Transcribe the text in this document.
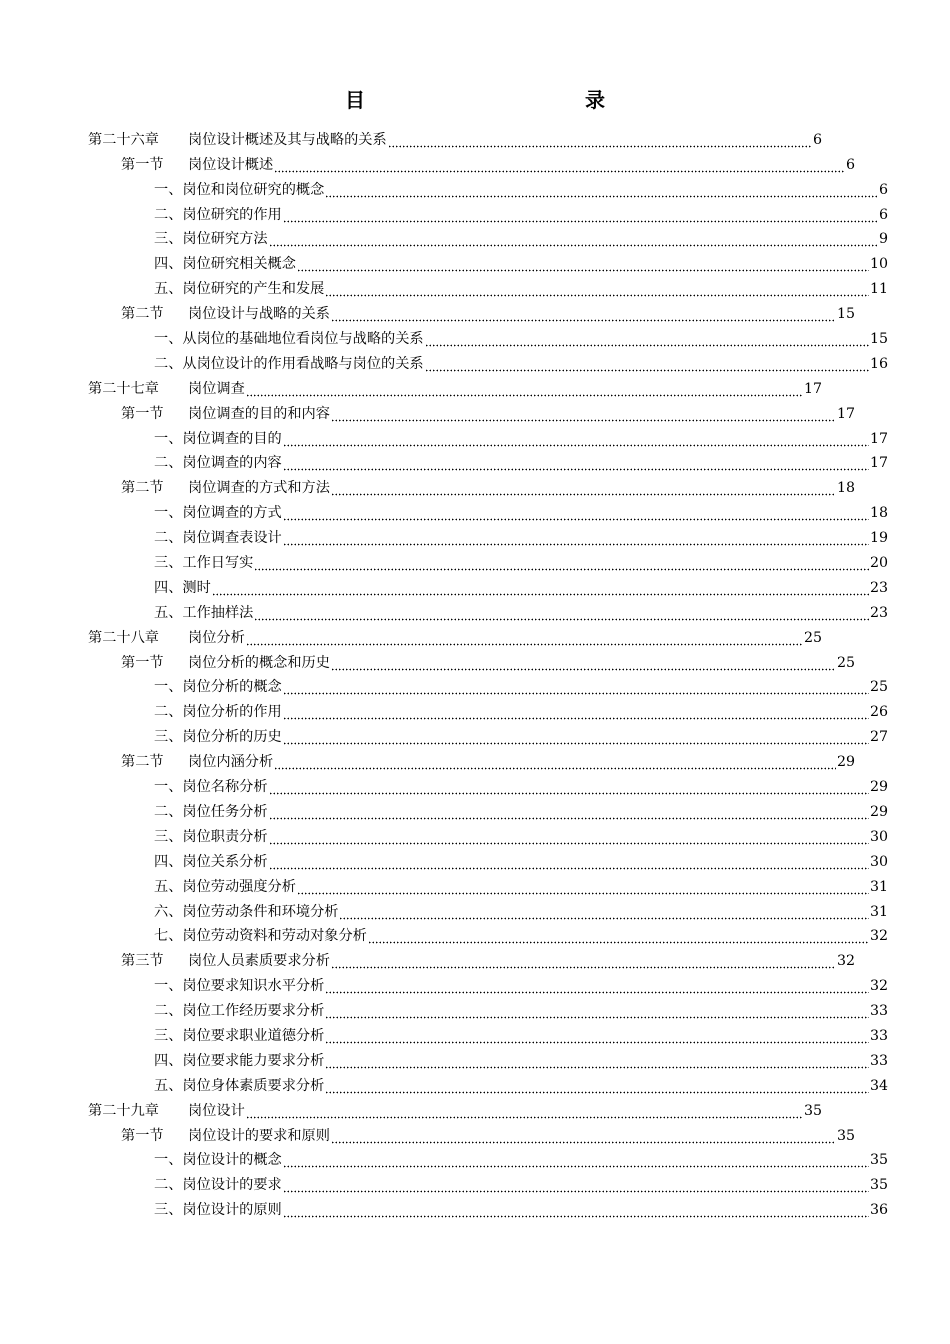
目　　录
第二十六章	岗位设计概述及其与战略的关系	6
第一节	岗位设计概述	6
一、 岗位和岗位研究的概念	6
二、 岗位研究的作用	6
三、 岗位研究方法	9
四、 岗位研究相关概念	10
五、 岗位研究的产生和发展	11
第二节	岗位设计与战略的关系	15
一、 从岗位的基础地位看岗位与战略的关系	15
二、 从岗位设计的作用看战略与岗位的关系	16
第二十七章	岗位调查	17
第一节	岗位调查的目的和内容	17
一、 岗位调查的目的	17
二、 岗位调查的内容	17
第二节	岗位调查的方式和方法	18
一、 岗位调查的方式	18
二、 岗位调查表设计	19
三、 工作日写实	20
四、 测时	23
五、 工作抽样法	23
第二十八章	岗位分析	25
第一节	岗位分析的概念和历史	25
一、 岗位分析的概念	25
二、 岗位分析的作用	26
三、 岗位分析的历史	27
第二节	岗位内涵分析	29
一、 岗位名称分析	29
二、 岗位任务分析	29
三、 岗位职责分析	30
四、 岗位关系分析	30
五、 岗位劳动强度分析	31
六、 岗位劳动条件和环境分析	31
七、 岗位劳动资料和劳动对象分析	32
第三节	岗位人员素质要求分析	32
一、 岗位要求知识水平分析	32
二、 岗位工作经历要求分析	33
三、 岗位要求职业道德分析	33
四、 岗位要求能力要求分析	33
五、 岗位身体素质要求分析	34
第二十九章	岗位设计	35
第一节	岗位设计的要求和原则	35
一、 岗位设计的概念	35
二、 岗位设计的要求	35
三、 岗位设计的原则	36
